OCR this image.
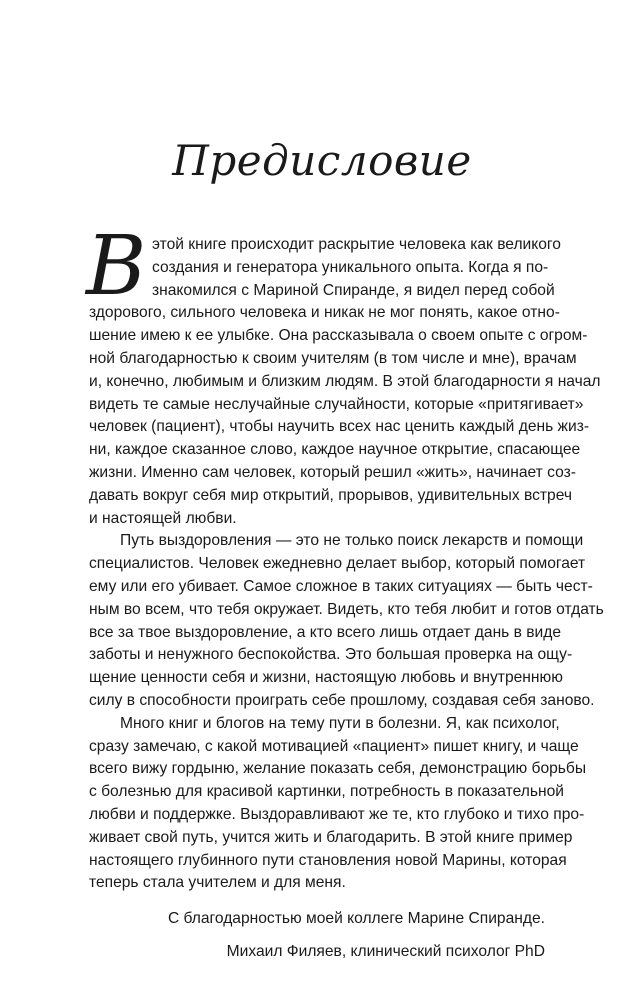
Предисловие
В этой книге происходит раскрытие человека как великого
создания и генератора уникального опыта. Когда я по-
знакомился с Мариной Спиранде, я видел перед собой
здорового, сильного человека и никак не мог понять, какое отно-
шение имею к ее улыбке. Она рассказывала о своем опыте с огром-
ной благодарностью к своим учителям (в том числе и мне), врачам
и, конечно, любимым и близким людям. В этой благодарности я начал
видеть те самые неслучайные случайности, которые «притягивает»
человек (пациент), чтобы научить всех нас ценить каждый день жиз-
ни, каждое сказанное слово, каждое научное открытие, спасающее
жизни. Именно сам человек, который решил «жить», начинает соз-
давать вокруг себя мир открытий, прорывов, удивительных встреч
и настоящей любви.
Путь выздоровления — это не только поиск лекарств и помощи
специалистов. Человек ежедневно делает выбор, который помогает
ему или его убивает. Самое сложное в таких ситуациях — быть чест-
ным во всем, что тебя окружает. Видеть, кто тебя любит и готов отдать
все за твое выздоровление, а кто всего лишь отдает дань в виде
заботы и ненужного беспокойства. Это большая проверка на ощу-
щение ценности себя и жизни, настоящую любовь и внутреннюю
силу в способности проиграть себе прошлому, создавая себя заново.
Много книг и блогов на тему пути в болезни. Я, как психолог,
сразу замечаю, с какой мотивацией «пациент» пишет книгу, и чаще
всего вижу гордыню, желание показать себя, демонстрацию борьбы
с болезнью для красивой картинки, потребность в показательной
любви и поддержке. Выздоравливают же те, кто глубоко и тихо про-
живает свой путь, учится жить и благодарить. В этой книге пример
настоящего глубинного пути становления новой Марины, которая
теперь стала учителем и для меня.
С благодарностью моей коллеге Марине Спиранде.
Михаил Филяев, клинический психолог PhD
